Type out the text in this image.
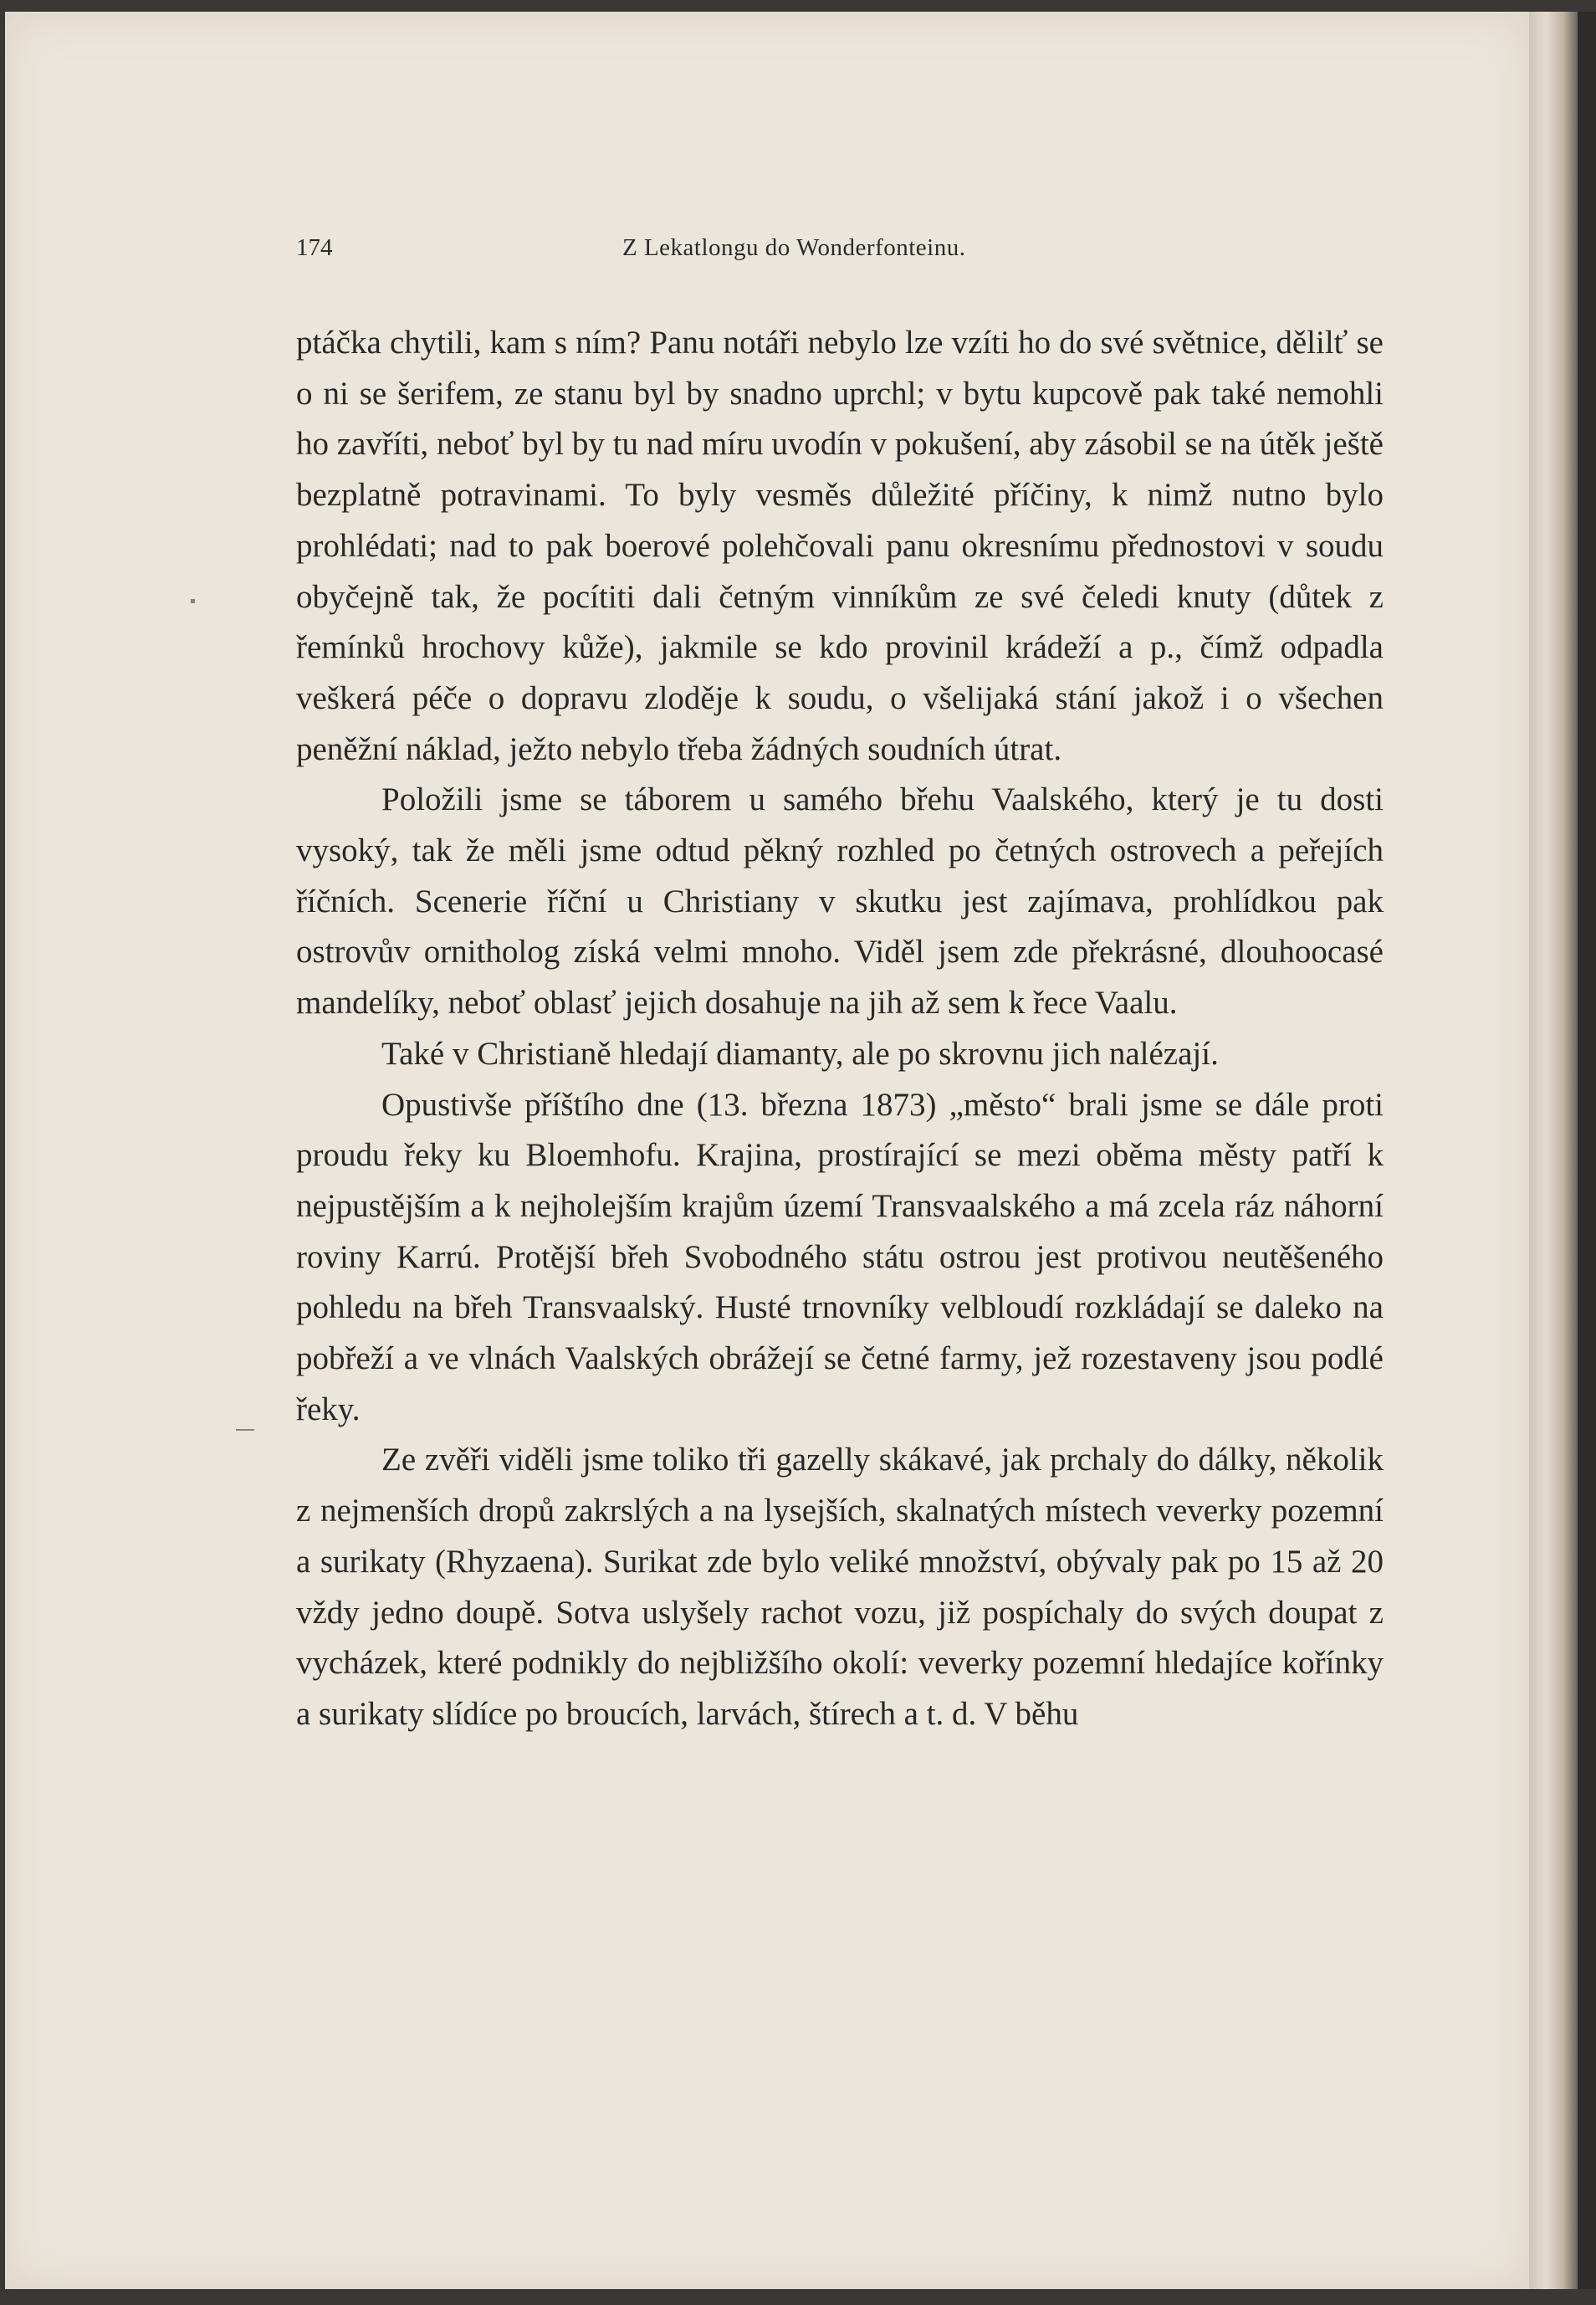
174	Z Lekatlongu do Wonderfonteinu.

ptáčka chytili, kam s ním? Panu notáři nebylo lze vzíti ho do své světnice, dělilť se o ni se šerifem, ze stanu byl by snadno uprchl; v bytu kupcově pak také nemohli ho zavříti, neboť byl by tu nad míru uvodín v pokušení, aby zásobil se na útěk ještě bezplatně potravinami. To byly vesměs důležité příčiny, k nimž nutno bylo prohlédati; nad to pak boerové polehčovali panu okresnímu přednostovi v soudu obyčejně tak, že pocítiti dali četným vinníkům ze své čeledi knuty (důtek z řemínků hrochovy kůže), jakmile se kdo provinil krádeží a p., čímž odpadla veškerá péče o dopravu zloděje k soudu, o všelijaká stání jakož i o všechen peněžní náklad, ježto nebylo třeba žádných soudních útrat.

Položili jsme se táborem u samého břehu Vaalského, který je tu dosti vysoký, tak že měli jsme odtud pěkný rozhled po četných ostrovech a peřejích říčních. Scenerie říční u Christiany v skutku jest zajímava, prohlídkou pak ostrovův ornitholog získá velmi mnoho. Viděl jsem zde překrásné, dlouhoocasé mandelíky, neboť oblasť jejich dosahuje na jih až sem k řece Vaalu.

Také v Christianě hledají diamanty, ale po skrovnu jich nalézají.

Opustivše příštího dne (13. března 1873) „město“ brali jsme se dále proti proudu řeky ku Bloemhofu. Krajina, prostírající se mezi oběma městy patří k nejpustějším a k nejholejším krajům území Transvaalského a má zcela ráz náhorní roviny Karrú. Protější břeh Svobodného státu ostrou jest protivou neutěšeného pohledu na břeh Transvaalský. Husté trnovníky velbloudí rozkládají se daleko na pobřeží a ve vlnách Vaalských obrážejí se četné farmy, jež rozestaveny jsou podlé řeky.

Ze zvěři viděli jsme toliko tři gazelly skákavé, jak prchaly do dálky, několik z nejmenších dropů zakrslých a na lysejších, skalnatých místech veverky pozemní a surikaty (Rhyzaena). Surikat zde bylo veliké množství, obývaly pak po 15 až 20 vždy jedno doupě. Sotva uslyšely rachot vozu, již pospíchaly do svých doupat z vycházek, které podnikly do nejbližšího okolí: veverky pozemní hledajíce kořínky a surikaty slídíce po broucích, larvách, štírech a t. d. V běhu
